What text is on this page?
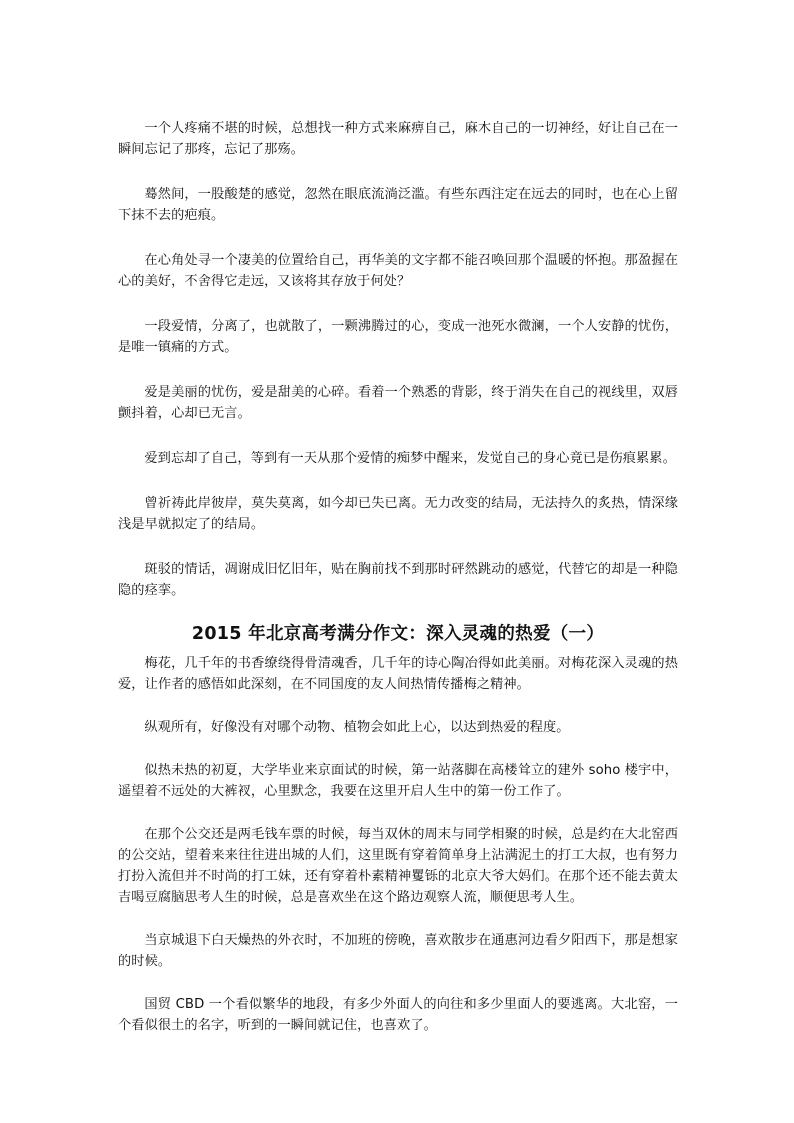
一个人疼痛不堪的时候，总想找一种方式来麻痹自己，麻木自己的一切神经，好让自己在一瞬间忘记了那疼，忘记了那殇。

蓦然间，一股酸楚的感觉，忽然在眼底流淌泛滥。有些东西注定在远去的同时，也在心上留下抹不去的疤痕。

在心角处寻一个凄美的位置给自己，再华美的文字都不能召唤回那个温暖的怀抱。那盈握在心的美好，不舍得它走远，又该将其存放于何处？

一段爱情，分离了，也就散了，一颗沸腾过的心，变成一池死水微澜，一个人安静的忧伤，是唯一镇痛的方式。

爱是美丽的忧伤，爱是甜美的心碎。看着一个熟悉的背影，终于消失在自己的视线里，双唇颤抖着，心却已无言。

爱到忘却了自己，等到有一天从那个爱情的痴梦中醒来，发觉自己的身心竟已是伤痕累累。

曾祈祷此岸彼岸，莫失莫离，如今却已失已离。无力改变的结局，无法持久的炙热，情深缘浅是早就拟定了的结局。

斑驳的情话，凋谢成旧忆旧年，贴在胸前找不到那时砰然跳动的感觉，代替它的却是一种隐隐的痉挛。

2015 年北京高考满分作文：深入灵魂的热爱（一）

梅花，几千年的书香缭绕得骨清魂香，几千年的诗心陶冶得如此美丽。对梅花深入灵魂的热爱，让作者的感悟如此深刻，在不同国度的友人间热情传播梅之精神。

纵观所有，好像没有对哪个动物、植物会如此上心，以达到热爱的程度。

似热未热的初夏，大学毕业来京面试的时候，第一站落脚在高楼耸立的建外 soho 楼宇中，遥望着不远处的大裤衩，心里默念，我要在这里开启人生中的第一份工作了。

在那个公交还是两毛钱车票的时候，每当双休的周末与同学相聚的时候，总是约在大北窑西的公交站，望着来来往往进出城的人们，这里既有穿着简单身上沾满泥土的打工大叔，也有努力打扮入流但并不时尚的打工妹，还有穿着朴素精神矍铄的北京大爷大妈们。在那个还不能去黄太吉喝豆腐脑思考人生的时候，总是喜欢坐在这个路边观察人流，顺便思考人生。

当京城退下白天燥热的外衣时，不加班的傍晚，喜欢散步在通惠河边看夕阳西下，那是想家的时候。

国贸 CBD 一个看似繁华的地段，有多少外面人的向往和多少里面人的要逃离。大北窑，一个看似很土的名字，听到的一瞬间就记住，也喜欢了。
